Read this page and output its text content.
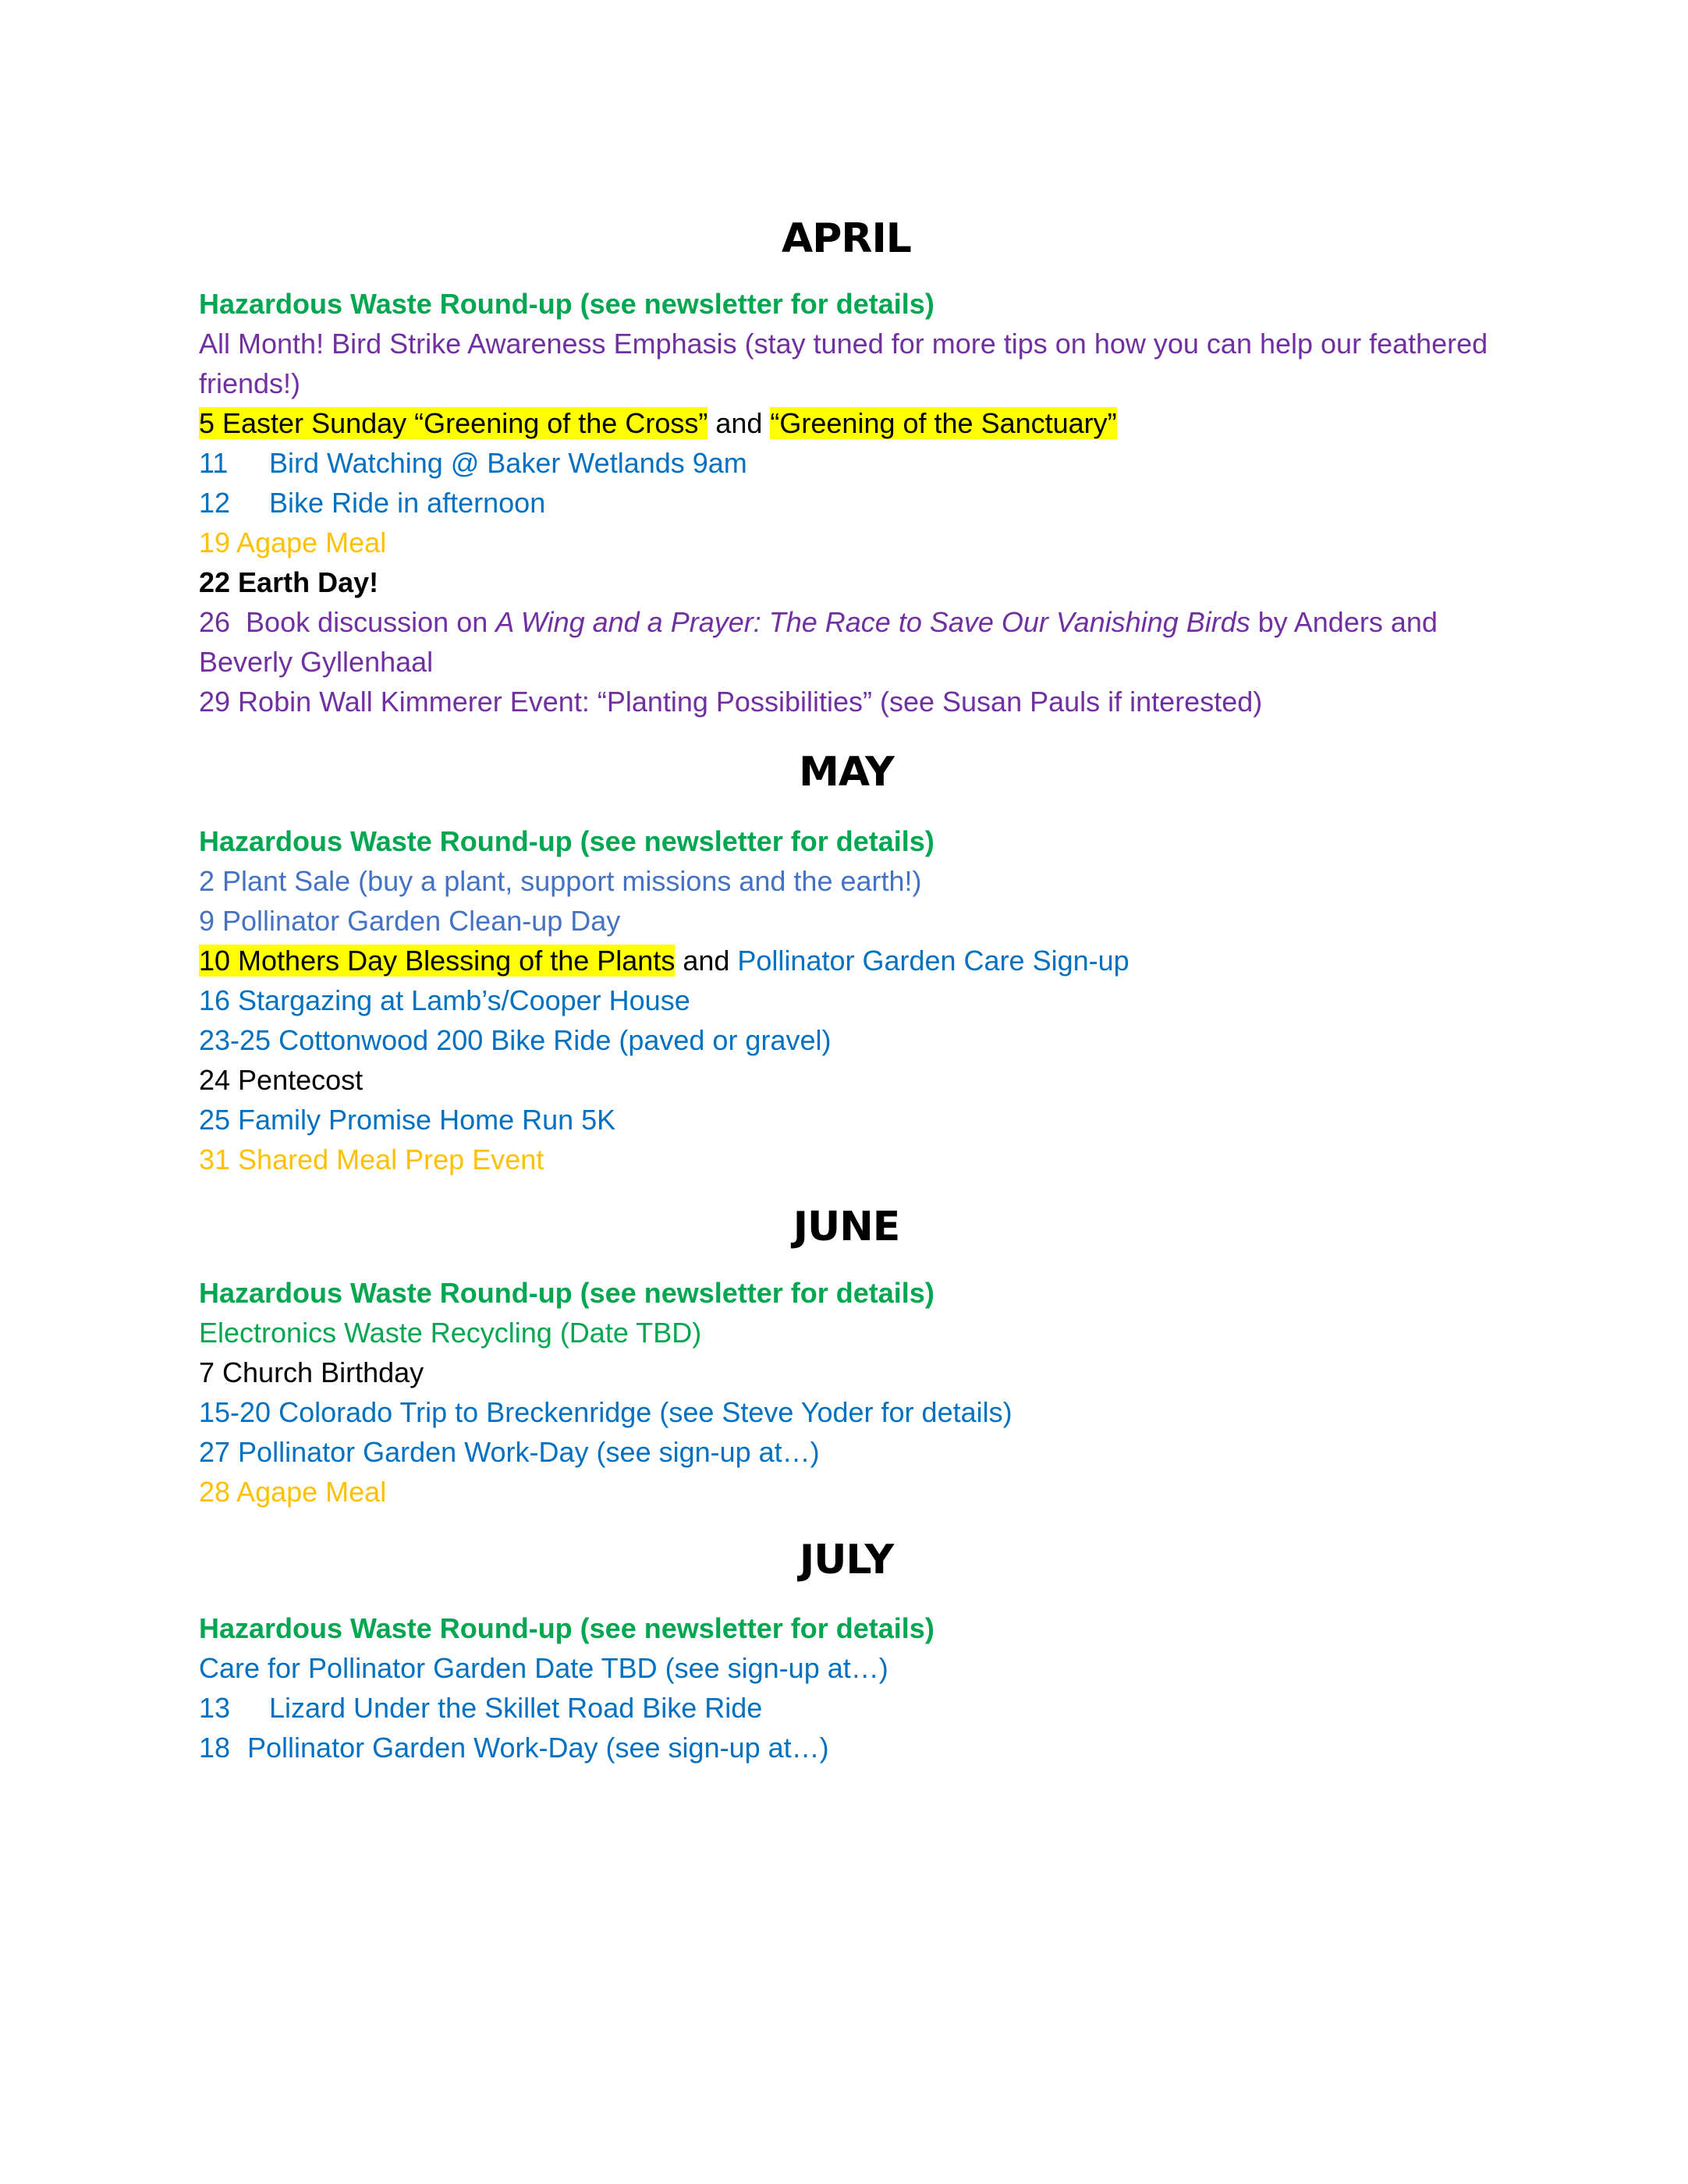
APRIL
Hazardous Waste Round-up (see newsletter for details)
All Month! Bird Strike Awareness Emphasis (stay tuned for more tips on how you can help our feathered
friends!)
5 Easter Sunday “Greening of the Cross” and “Greening of the Sanctuary”
11 Bird Watching @ Baker Wetlands 9am
12 Bike Ride in afternoon
19 Agape Meal
22 Earth Day!
26  Book discussion on A Wing and a Prayer: The Race to Save Our Vanishing Birds by Anders and
Beverly Gyllenhaal
29 Robin Wall Kimmerer Event: “Planting Possibilities” (see Susan Pauls if interested)
MAY
Hazardous Waste Round-up (see newsletter for details)
2 Plant Sale (buy a plant, support missions and the earth!)
9 Pollinator Garden Clean-up Day
10 Mothers Day Blessing of the Plants and Pollinator Garden Care Sign-up
16 Stargazing at Lamb’s/Cooper House
23-25 Cottonwood 200 Bike Ride (paved or gravel)
24 Pentecost
25 Family Promise Home Run 5K
31 Shared Meal Prep Event
JUNE
Hazardous Waste Round-up (see newsletter for details)
Electronics Waste Recycling (Date TBD)
7 Church Birthday
15-20 Colorado Trip to Breckenridge (see Steve Yoder for details)
27 Pollinator Garden Work-Day (see sign-up at…)
28 Agape Meal
JULY
Hazardous Waste Round-up (see newsletter for details)
Care for Pollinator Garden Date TBD (see sign-up at…)
13 Lizard Under the Skillet Road Bike Ride
18 Pollinator Garden Work-Day (see sign-up at…)
